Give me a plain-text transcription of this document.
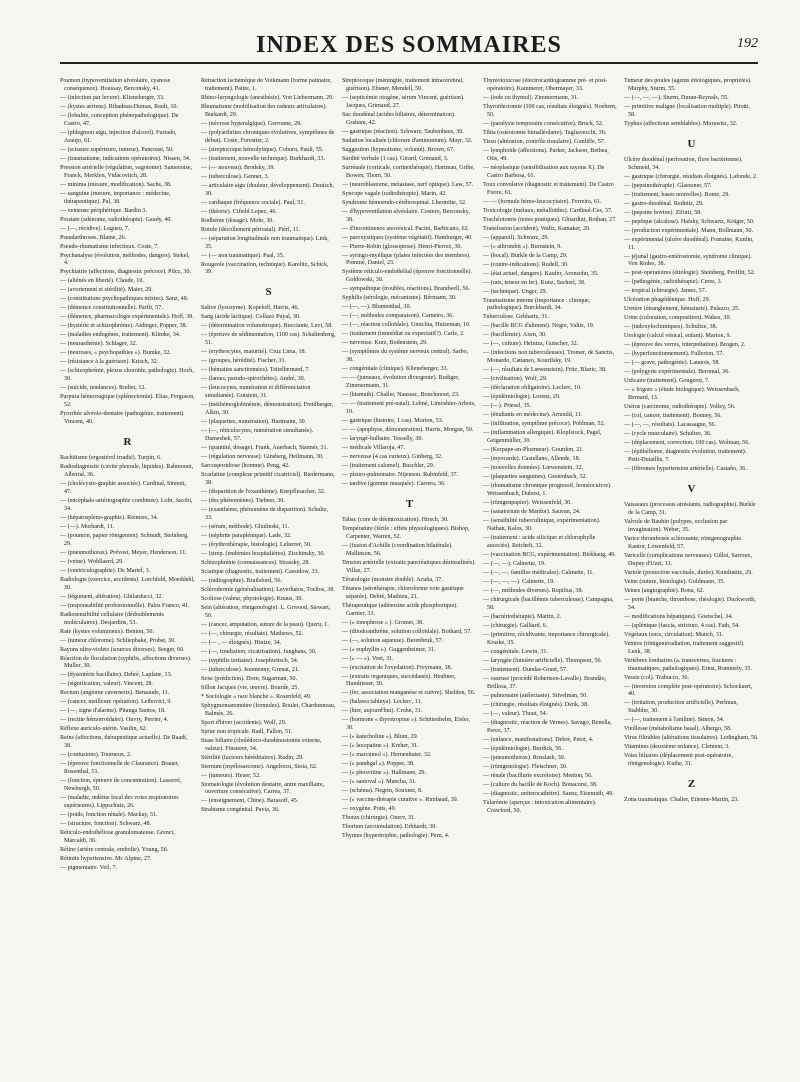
INDEX DES SOMMAIRES	192

Poumon (hypoventilation alvéolaire, cyanose conséquence). Houssay, Berconsky, 41.

— (infection par levure). Klieneberger, 33.

— (kystes aériens). Ribadeau-Dumas, Rault, 10.

— (lobulite, conception phénopathologique). De Castro, 47.

— (phlegmon aigu, injection d'alcool). Furtado, Araujo, 61.

— (scissure supérieure, tumeur). Pancoast, 50.

— (traumatisme, indications opératoires). Nissen, 34.

Pression artérielle (régulation, vagotonie). Santenoise, Franck, Merklen, Vidacovitch, 28.

— minima (mesure, modification). Sachs, 38.

— sanguine (mesure, importance : médecine, thérapeutique). Pal, 38.

— veineuse périphérique. Bardin 3.

Prostate (adénome, radiothérapie). Gaudy, 40.

— (—, récidive). Legueu, 7.

Pseudarthroses. Blaine, 26.

Pseudo-rhumatisme infectieux. Coste, 7.

Psychanalyse (évolution, méthodes, dangers). Stekel, 4.

Psychiatrie (affections, diagnostic précoce). Pilcz, 30.

— (aliénés en liberté). Claude, 10.

— (avortement et stérilité). Maier, 29.

— (constitutions psychopathiques mixtes). Sanz, 48.

— (démence constitutionnelle). Parfit, 57.

— (démence, pharmacologie expérimentale). Hoff, 38.

— (hystérie et schizophrénie). Aidinger, Popper, 38.

— (maladies endogènes, traitement). Klimke, 34.

— (neurasthénie). Schlager, 32.

— (neuroses, « psychopathies »). Bumke, 32.

— (résistance à la guérison). Krisch, 32.

— (schizophrénie, plexus choroïde, pathologie). Hoch, 30.

— (suicide, tendances). Rodiet, 12.

Purpura hémorragique (splénectomie). Elias, Ferguson, 52.

Pyorrhée alvéolo-dentaire (pathogénie, traitement). Vincent, 40.

R

Rachitisme (ergostérol irradié). Turpin, 6.

Radiodiagnostic (cavité pleurale, liquides). Rahmouni, Albertal, 36.

— (cholécysto-graphie associée). Cardinal, Sinnott, 47.

— (encéphalo-artériographie combinée). Lohr, Jacobi, 34.

— (hépatospléno-graphie). Reimers, 34.

— (—). Morhardt, 11.

— (poumon, papier röntgenien). Schmidt, Steinberg, 29.

— (pneumothorax). Prévost, Meyer, Henderson, 11.

— (veine). Wohllaerd, 29.

— (ventriculographie). De Martel, 3.

Radiologie (exercice, accidents). Lorchfeld, Moeddehl, 30.

— (tégument, altération). Ghilarducci, 32.

— (responsabilité professionnelle). Palos Franco, 41.

Radiosensibilité cellulaire (dédoublements moléculaires). Desjardins, 53.

Rate (kystes volumineux). Benton, 50.

— (tumeur chlorome). Schliephake, Probst, 30.

Rayons ultra-violets (sources diverses). Seeger, 60.

Réaction de floculation (syphilis, affections diverses). Muller, 30.

— (dysentérie bacillaire). Debré, Laplane, 13.

— (signification, valeur). Vincent, 28.

Rectum (angiome caverneux). Bensaude, 11.

— (cancer, meilleure opération). Leibovici, 9.

— (—, signe d'alarme). Pitanga Santos, 18.

— (rectite hémorroïdaire). Ouvry, Perrier, 4.

Réflexe auriculo-utérin. Vasilin, 62.

Reins (affections, thérapeutique actuelle). De Raadt, 38.

— (contusions). Tourneux, 2.

— (épreuve fonctionnelle de Claurance). Brauer, Rosenthal, 51.

— (fonction, épreuve de concentration). Lasserré, Newburgh, 50.

— (maladie, œdème local des voies respiratoires supérieures). Lippschutz, 26.

— (poids, fonction rénale). Mackay, 51.

— (structure, fonction). Schwarz, 48.

Réticulo-endothéliose granulomateuse. Grenci, Marcaldi, 36.

Rétine (artère centrale, embolie). Young, 56.

Rétinite hypertensive. Mc Alpine, 27.

— pigmentaire. Veil, 7.

Rétraction ischémique de Volkmann (forme palmaire, traitement). Paitre, 1.

Rhino-laryngologie (anesthésie). Von Liebermann, 29.

Rhumatisme (mobilisation des radeurs articulaires). Burkardt, 29.

— (névrose hyperalgique). Gerronne, 29.

— (polyarthrites chroniques évolutives, symptômes de début). Coste, Forestier, 2.

— (streptocoque hémolytique). Coburn, Pauli, 55.

— (traitement, nouvelle technique). Burkhardt, 33.

— (— nouveau). Brodsky, 39.

— (tuberculose). Gennet, 3.

— articulaire aigu (douleur, développement). Deutsch, 30.

— cardiaque (fréquence sociale). Paul, 51.

— (théorie). Cifield Lopez, 46.

Rodhénie (dosage). Mohr, 30.

Rotule (décollement périostal). Piérl, 11.

— (séparation longitudinale non traumatique). Link, 35.

— (— non traumatique). Paal, 35.

Rougeole (vaccination, technique). Karelitz, Schick, 39.

S

Salive (lysozyme). Kopeloff, Harris, 46.

Sang (acide lactique). Collazo Puyal, 30.

— (détermination volumétrique). Bucciante, Levi, 58.

— (épreuve de sédimentation, 1100 cas). Schaltenberg, 51.

— (erythrocytes, maturité). Cruz Lima, 18.

— (groupes, hérédité). Fischer, 31.

— (hématies sanctionnées). Teitelbernard, 7.

— (lames, pseudo-spirochètes). André, 30.

— (leucocytes, numération et différenciation simultanée). Gutstein, 31.

— (méthémoglobinémie, démonstration). Freidberger, Alkin, 30.

— (plaquettes, numération). Hartmann, 30.

— (—, réticulocytes, numération simultanée). Dameshek, 57.

— (quantité, dosage). Frank, Auerbach, Stannér, 31.

— (régulation nerveuse). Ginsberg, Heilmann, 30.

Sarcosporidiose (homme). Peng, 42.

Scarlatine (complexe primitif cicatriciel). Riedermann, 38.

— (disparition de l'exanthème). Knepflesacher, 32.

— (des phénomènes). Tiebner, 30.

— (exanthème, phénomène de disparition). Schultz, 33.

— (sérum, méthode). Ghulinski, 11.

— (néphrite paraplénique). Lade, 32.

— (érythrothérapie, histologie). Leberrer, 30.

— (strep. (endémies hospitalières). Zischinsky, 30.

Schizophrénie (connaissances). Strassky, 28.

Sciatique (diagnostic, traitement). Cassidow, 33.

— (radiographie). Brailsford, 56.

Sclérodermie (généralisation). Leverhatos, Toelios, 38.

Scoliose (valeur, physiologie). Knaus, 30.

Sein (altération, röntgenologie). L. Grwood, Stewart, 50.

— (cancer, amputation, suture de la peau). Queru, 1.

— (—, chirurgie, résultats). Mathews, 52.

— (— , — éloignés). Hintze, 34.

— (—, irradiation, cicatrisation). Junghans, 30.

— (syphilis tertiaire). Josephwitsch, 34.

— (tuberculose). Jeannenny, Grenat, 21.

Sexe (prédiction). Dorn, Sugarman, 50.

Sillon Jacques (vie, œuvre). Bourde, 25.

* Sociologie « race blanche ». Rosenfeld, 49.

Sphygmomanomètre (formules). Roulet, Chardonneau, Balmès, 26.

Sport d'hiver (accidents). Wolf, 29.

Sprue non tropicale. Radl, Fallon, 51.

Stase biliaire (cholédoco-duodénostomie externe, valeur). Finsterer, 34.

Stérilité (facteurs héréditaires). Rudin, 29.

Sternum (myélosarcome). Angelescu, Stoia, 62.

— (tumeurs). Heuer, 52.

Stomatologie (évolution dentaire, antre maxillaire, ouverture consécutive). Carrea, 37.

— (enseignement, Chine). Barasoff, 45.

Strabisme congénital. Pavia, 36.

Streptocoque (méningite, traitement intracérébral, guérison). Ebsner, Mendell, 50.

— (septicémie otogène, sérum Vincent, guérison). Jacques, Grimaud, 27.

Suc duodénal (acides biliaires, détermination). Graham, 42.

— gastrique (réaction). Schwarz, Taubenhaus, 30.

Sudation localisée (chlorure d'ammonium). Mayr, 32.

Suggestion (hypnotisme, volonté). Brown, 67.

Surdité verbale (1 cas). Girard, Grimaud, 3.

Surrénale (corticale, cortinothérapie). Hartman, Gribe, Bowen, Thorn, 50.

— (neuroblastome, métastase, nerf optique). Law, 57.

Syncope vagale (radiothérapie). Marin, 42.

Syndrome hémoendo-cérébrospinal. Lhermitte, 32.

— d'hypoventilation alvéolaire. Costero, Berconsky, 38.

— d'incontinence anovésical. Pacini, Barbicano, 62.

— paroxystiques (système végétatif). Hamburger, 40.

— Pierre-Robin (glossoptose). Henri-Pierrez, 30.

— syringo-myélique (plaies infectées des membres). Pommé, Daniel, 23.

Système réticulo-endothélial (épreuve fonctionnelle). Goldowski, 30.

— sympathique (troubles, réactions). Brandwell, 56.

Syphilis (sérologie, mécanisme). Bérmann, 30.

— (—, —). Blumenthal, 30.

— (—, méthodes comparaison). Carneiro, 36.

— (—, réaction colloïdale). Umichia, Hutzeman, 10.

— (traitement (immédiat ou expectatif?). Carle, 2.

— nerveuse. Kurz, Bodenstein, 29.

— (symptômes du système nerveux central). Sarbo, 38.

— congénitale (clinique). Klieneberger, 33.

— — (jumeaux, évolution divergente). Rudiger, Zimmermann, 31.

— (bismuth). Challer, Naussac, Bouchmont, 23.

— — (traitement pré-natal). Lebné, Limoshier-Arbois, 10.

— gastrique (histoire, 1 cas). Morton, 53.

— — (apophyse, démonstration). Harris, Morgan, 50.

— laryngé-bulbaire. Tesselly, 30.

— médicale Villaroja, 47.

— nerveuse (4 cas curieux). Ginberg, 32.

— (traitement calomel). Buschler, 29.

— pleuro-pulmonaire. Nijenson. Rubinfeld, 37.

— tardive (gomme musquée). Carrera, 36.

T

Tabac (cure de désintoxication). Hirsch, 30.

Température (férile : effets physiologiques). Bishop, Carpenter, Warren, 52.

— (fusion d'Achille (coordination bilatérale). Mallinson, 56.

Tension artérielle (extraits pancréatiques désinsulinés). Villaz, 27.

Tératologie (monstre double). Acuña, 37.

Tétanos (sérothérapie, chloroforme voie gastrique séparée). Debré, Mathieu, 21.

Thérapeutique (adénosine acide phosphorique). Garnier, 33.

— (« ionophrose » ). Gromet, 38.

— (diiodoanthrène, solution colloïdale). Bothard, 57.

— (—, solution aqueuse). Berenbruk, 57.

— (« euphyllin »). Guggenheimer, 31.

— (« — »). Voet, 31.

— (excitation de l'oxydation). Freymann, 38.

— (extraits organiques, succédanés). Heubner, Hundrieser, 30.

— (fer, association manganèse et cuivre). Sheldon, 56.

— (halawa tahinya). Leclerc, 11.

— (hier, aujourd'hui). Crohn, 31.

— (hormone « thyrotropine »). Schittenhelm, Eisler, 30.

— (« katecholine »). Blum, 29.

— (« laxopatine »). Kreher, 31.

— (« marcumol »). Hernenhuter, 32.

— (« pandigal »). Popper, 38.

— (« phosvitine »). Hallmann, 29.

— (« santoval »). Mancha, 31.

— (schéma). Negrin, Souxnet, 8.

— (« vaccine-thérapie curative ». Rimbaud, 39.

— oxygène. Potts, 49.

Thorax (chirurgie). Ouerv, 31.

Thorium (accumulation). Erbhardt, 30.

Thymus (hypertrophie, pathologie). Peru, 4.

Thyréotoxicose (électrocardiogramme pré- et post-opératoire). Kammerer, Obermayer, 33.

— (iode ou thymol). Zimmermann, 31.

Thyroïdectomie (100 cas, résultats éloignés). Noehren, 50.

— (paralysie temporaire consécutive). Bruck, 52.

Tibia (ostéotomie bimalléolaire). Tagliavecchi, 36.

Tissu (altération, contrôle tissulaire). Gunliffe, 57.

— lymphoïde (affections). Parker, Jackson, Bethea, Otis, 49.

— néoplasique (sensibilisation aux rayons X). De Castro Barbosa, 61.

Toux convulsive (diagnostic et traitement). De Castro Freire, 61.

— — (formule hémo-leucocytaire). Ferreira, 61.

Toxicologie (métaux, métalloïdes). Cardinal-Ces, 37.

Trachéotomie (notes pratiques). Ghiardini, Rothan, 27.

Transfusion (accident). Waltz, Kamaker, 29.

— (appareil). Schwarz, 29.

— (« athrombit »). Burnstein, 9.

— (bocal). Burkle de la Camp, 29.

— (contre-indications). Rudell, 30.

— (état actuel, dangers). Kaufer, Aronsohn, 35.

— (rats, teneur en fer). Kunz, Sacherl, 38.

— (technique). Unger, 29.

Traumatisme interne (importance : clinique, pathologique). Burckhardt, 34.

Tuberculose. Gebhartz, 31.

— (bacille BCG d'aliment). Nègre, Valtis, 19.

— (bacillémie). Axen, 30.

— (—, culture). Heintza, Gutscher, 32.

— (infections non tuberculeuses). Tromer, de Sanctis, Monardo, Cattaneo, Kourilsky, 19.

— (—, résultats de Lœwenstein). Fritz, Blazic, 38.

— (civilisation). Wolf, 29.

— (déclaration obligatoire). Leclerc, 10.

— (épidémiologie). Lorenz, 29.

— (—). Priesel, 35.

— (étudiants en médecine). Arnould, 11.

— (infiltration, symptôme précoce). Pohlman, 52.

— (inflammation allergique). Klopfstock, Pagel, Geigenmüller, 30.

— (Kerpape-en-Ploemeur). Gourdon, 21.

— (myocarde). Castellano, Allende, 18.

— (nouvelles données). Lœwenstein, 32.

— (plaquettes sanguines). Gestenbach, 32.

— (rhumatisme chronique progressif, homéocuivre). Weissenbach, Dubost, 1.

— (röntgenpapier). Weissenfeld, 30.

— (sanatorium de Mardor). Sauvan, 24.

— (sensibilité tuberculinique, expérimentation). Nathan, Kalos, 30.

— (traitement : acide silicique et chlorophylle associés). Reichelt, 32.

— (vaccination BCG, expérimentation). Birkhaug, 49.

— (—, —). Calmette, 19.

— (—, —, familles médicales). Calmette, 11.

— (—, —, —). Calmette, 19.

— (—, méthodes diverses). Rupilius, 38.

— chirurgicale (bacillémie tuberculeuse). Campagna, 58.

— (bactériothérapie). Martin, 2.

— (chirurgie). Galliard, 6.

— (primitive, récidivante, importance chirurgicale). Kraske, 35.

— congénitale. Lewin, 31.

— laryngée (lumière artificielle). Thompson, 56.

— (traitement). Dundas-Grant, 57.

— osseuse (procédé Robertson-Lavalle). Brandão, Brillosa, 37.

— pulmonaire (atélectasie). Stivelman, 50.

— (chirurgie, résultats éloignés). Denk, 38.

— (—, valeur). Thout, 54.

— (diagnostic, réaction de Vernes). Savago, Renella, Perez, 37.

— (enfance, manifestations). Debré, Petot, 4.

— (épidémiologie). Burdick, 56.

— (pneumothorax). Rosslash, 30.

— (röntgenologie). Fleischner, 30.

— rénale (bacillurie excrétoire). Menton, 56.

— (culture du bacille de Koch). Bonacorsi, 38.

— (diagnostic, uréterocathétre). Saenz, Eisenrath, 49.

Tularémie (aperçus : intoxication alimentaire). Crawford, 50.

Tumeur des poules (agents étiologiques, propriétés). Murphy, Sturm, 55.

— (—, —, —). Sturm, Duran-Reynals, 55.

— primitive maligne (localisation multiple). Pitotti, 58.

Typhus (affections semblables). Morawitz, 32.

U

Ulcère duodénal (perforation, flore bactérienne). Schmeid, 34.

— gastrique (chirurgie, résultats éloignés). Lafonde, 2.

— (pepsinothérapie). Glaessner, 57.

— (traitement, bases nouvelles). Rome, 29.

— gastro-duodénal. Rednitz, 29.

— (pepsine bovine). Zifotti, 58.

— peptique (alcalose). Hafsky, Schwartz, Krüger, 50.

— (production expérimentale). Mann, Bollmann, 50.

— expérimental (ulcère duodénal). Fontaine, Kunlin, 11.

— jéjunal (gastro-entérostomie, syndrome clinique). Von Rodes, 38.

— post-opératoires (étiologie). Steinberg, Proffitt, 52.

— (pathogénie, radiothérapie). Ceres, 3.

— tropical (chirurgie). James, 57.

Ulcération phagédénique. Hoff, 29.

Uretère (étranglement, hématurie). Palazzo, 25.

Urine (coloration, composition). Wakes, 30.

— (indoxylochimiques). Schultze, 38.

Urologie (calcul vésical, enfant). Marion, 9.

— (épreuve des verres, interprétation). Brogen, 2.

— (hyperfonctionnement). Fullerton, 57.

— (— grave, pathogénie). Launois, 58.

— (polygyrie expérimentale). Beromal, 36.

Urticaire (traitement). Gougerot, 7.

— « frigore » (étude biologique). Weissenbach, Bernard, 13.

Utérus (carcinome, radiothérapie). Volley, 56.

— (col, cancer, traitement). Bonney, 56.

— (—, —, résultats). Lacassagne, 56.

— (cycle musculaire). Schultze, 36.

— (déplacement, correction, 100 cas). Wolman, 56.

— (épithéliome, diagnostic évolution, traitement). Petit-Dutaillis, 7.

— (fibromes hypertension artérielle). Castaño, 36.

V

Vaisseaux (processus atrésiants, radiographie). Burkle de la Camp, 31.

Valvule de Bauhin (polypes, occlusion par invagination). Weber, 35.

Varice thrombosée sclérosante, röntgenographie. Kantor, Lowenfeld, 57.

Varicelle (complications nerveuses). Gillot, Sarroux, Dupuy d'Uzet, 11.

Variole (protection vaccinale, durée). Kundratitz, 29.

Veine (suture, histologie). Goldmann, 35.

Veines (angiographie). Bona, 62.

— porte (branche, thrombose, rhéologie). Duckworth, 54.

— modifications hépatiques). Goetschel, 34.

— (splénique (fascia, stricture, 4 cas). Fath, 54.

Végétaux (sucs, circulation). Munch, 31.

Ventres (röntgenirradiation, traitement suggestif). Lenk, 38.

Vertèbres lombaires (a. transverses, fractures : traumatiques, pathologiques). Ernst, Rommely, 35.

Vessie (col). Trabucco, 36.

— (inversion complète post-opératoire). Schockaert, 40.

— (irritation, production artificielle). Perlman, Stabbler, 30.

— (—, traitement à l'aniline). Stmon, 34.

Vieillesse (métabolisme basal). Albergo, 58.

Virus filtrables (altérations tissulaires). Ledingham, 56.

Vitamines (deuxième enfance). Clement, 3.

Voies biliaires (déplacement post-opératoire, röntgenologie). Kuthe, 31.

Z

Zona traumatique. Chalier, Etienne-Martin, 23.
